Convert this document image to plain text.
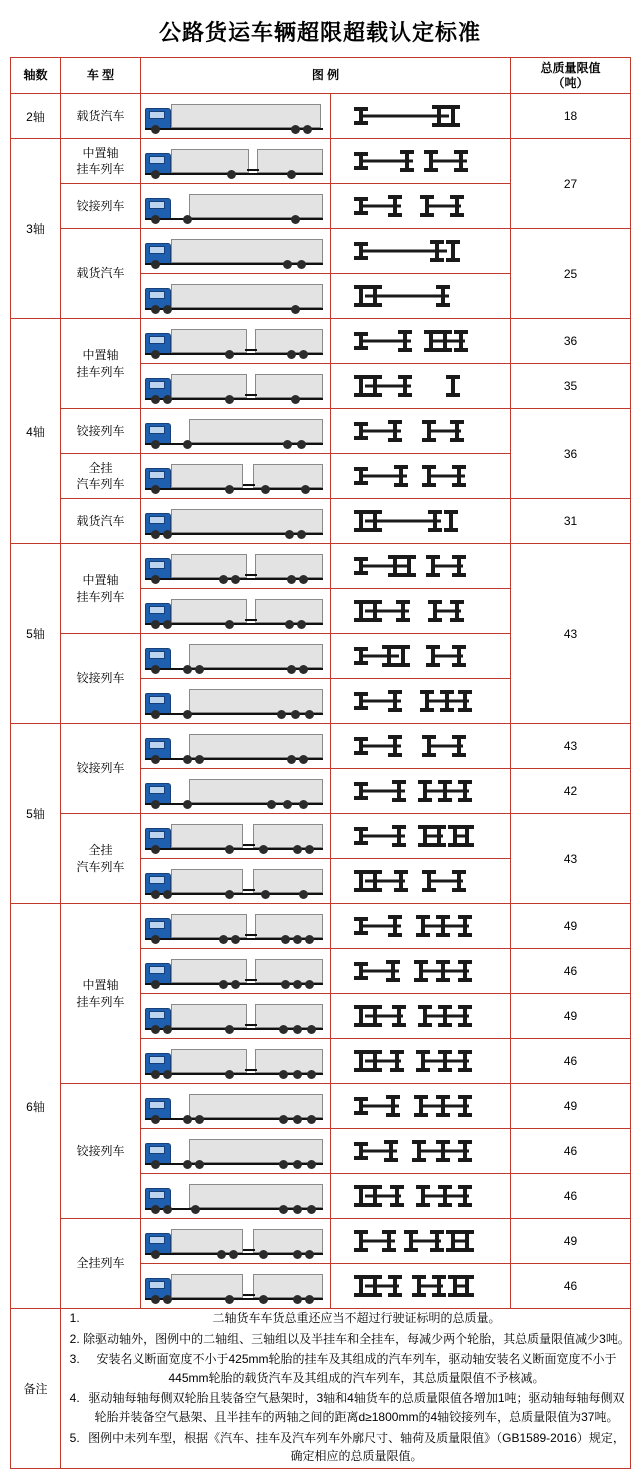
公路货运车辆超限超载认定标准
轴数	车 型	图 例	总质量限值
（吨）

2轴	载货汽车		18
3轴	中置轴
挂车列车		27
	铰接列车		

	载货汽车		25

4轴	中置轴
挂车列车		36

			35
	铰接列车		36

	全挂
汽车列车		

	载货汽车		31
5轴	中置轴
挂车列车		43

	铰接列车		

5轴	铰接列车		43

			42

	全挂
汽车列车		43

6轴	中置轴
挂车列车		49

			46

			49

			46
	铰接列车		49

			46

			46
	全挂列车		49

			46
备注	
1. 二轴货车车货总重还应当不超过行驶证标明的总质量。
2. 除驱动轴外，图例中的二轴组、三轴组以及半挂车和全挂车，每减少两个轮胎，其总质量限值减少3吨。
3. 安装名义断面宽度不小于425mm轮胎的挂车及其组成的汽车列车，驱动轴安装名义断面宽度不小于445mm轮胎的载货汽车及其组成的汽车列车，其总质量限值不予核减。
4. 驱动轴每轴每侧双轮胎且装备空气悬架时，3轴和4轴货车的总质量限值各增加1吨；驱动轴每轴每侧双轮胎并装备空气悬架、且半挂车的两轴之间的距离d≥1800mm的4轴铰接列车，总质量限值为37吨。
5. 图例中未列车型，根据《汽车、挂车及汽车列车外廓尺寸、轴荷及质量限值》（GB1589-2016）规定，确定相应的总质量限值。
